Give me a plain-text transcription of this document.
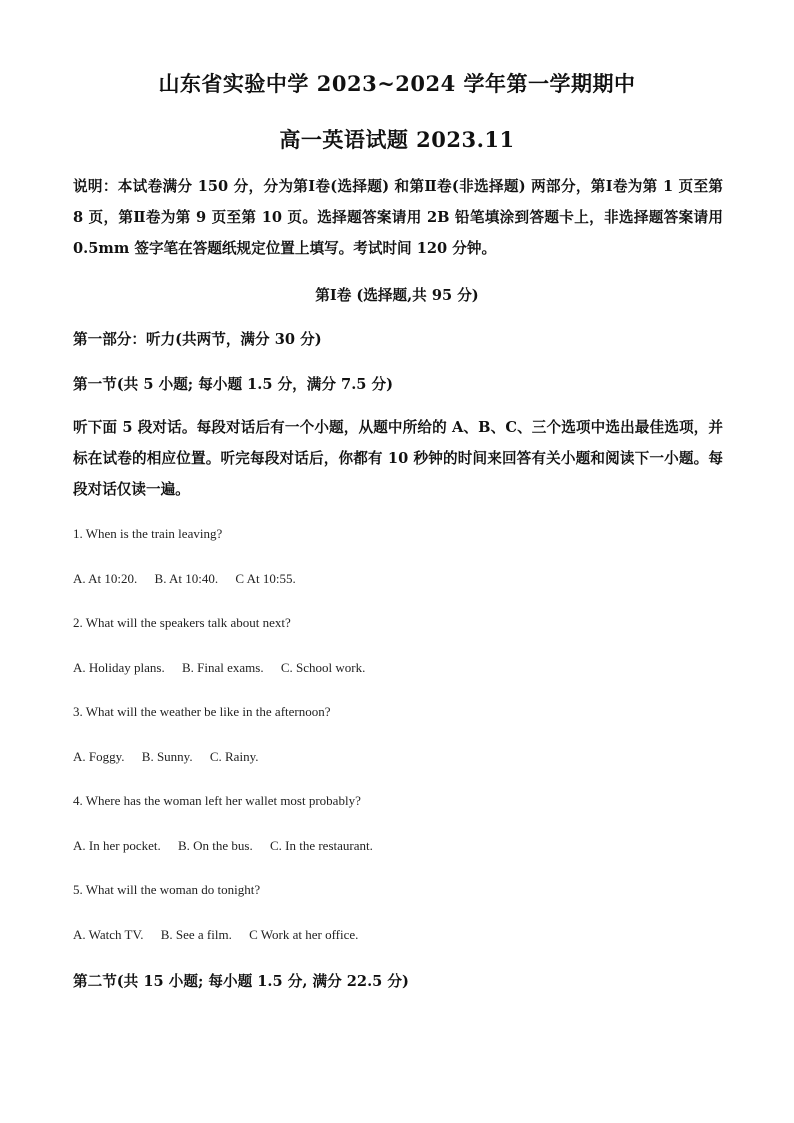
山东省实验中学 2023~2024 学年第一学期期中
高一英语试题 2023.11
说明：本试卷满分 150 分，分为第Ⅰ卷(选择题) 和第Ⅱ卷(非选择题) 两部分，第Ⅰ卷为第 1 页至第 8 页，第Ⅱ卷为第 9 页至第 10 页。选择题答案请用 2B 铅笔填涂到答题卡上，非选择题答案请用 0.5mm 签字笔在答题纸规定位置上填写。考试时间 120 分钟。
第Ⅰ卷 (选择题,共 95 分)
第一部分：听力(共两节，满分 30 分)
第一节(共 5 小题; 每小题 1.5 分，满分 7.5 分)
听下面 5 段对话。每段对话后有一个小题，从题中所给的 A、B、C、三个选项中选出最佳选项，并标在试卷的相应位置。听完每段对话后，你都有 10 秒钟的时间来回答有关小题和阅读下一小题。每段对话仅读一遍。
1. When is the train leaving?
A. At 10:20. B. At 10:40. C At 10:55.
2. What will the speakers talk about next?
A. Holiday plans. B. Final exams. C. School work.
3. What will the weather be like in the afternoon?
A. Foggy. B. Sunny. C. Rainy.
4. Where has the woman left her wallet most probably?
A. In her pocket. B. On the bus. C. In the restaurant.
5. What will the woman do tonight?
A. Watch TV. B. See a film. C Work at her office.
第二节(共 15 小题; 每小题 1.5 分, 满分 22.5 分)
